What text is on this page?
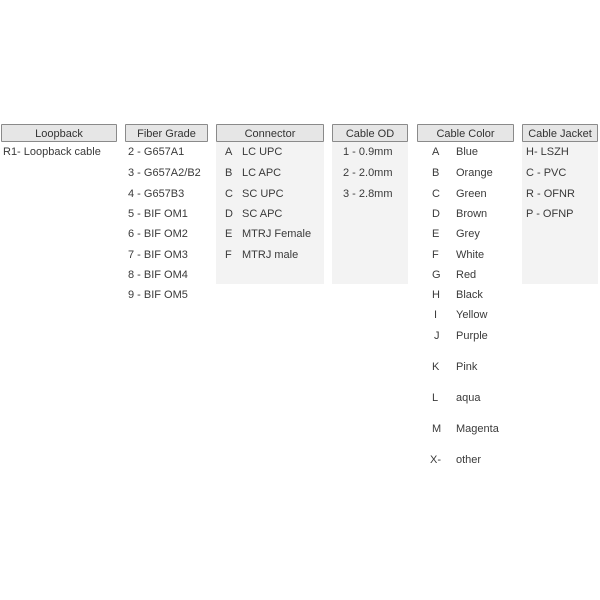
Loopback
R1- Loopback cable
Fiber Grade
2 - G657A1
3 - G657A2/B2
4 - G657B3
5 - BIF OM1
6 - BIF OM2
7 - BIF OM3
8 - BIF OM4
9 - BIF OM5
Connector
A LC UPC
B LC APC
C SC UPC
D SC APC
E MTRJ Female
F MTRJ male
Cable OD
1 - 0.9mm
2 - 2.0mm
3 - 2.8mm
Cable Color
A	Blue
B	Orange
C	Green
D	Brown
E	Grey
F	White
G	Red
H	Black
I	Yellow
J	Purple
K	Pink
L	aqua
M	Magenta
X-	other
Cable Jacket
H- LSZH
C - PVC
R - OFNR
P - OFNP
